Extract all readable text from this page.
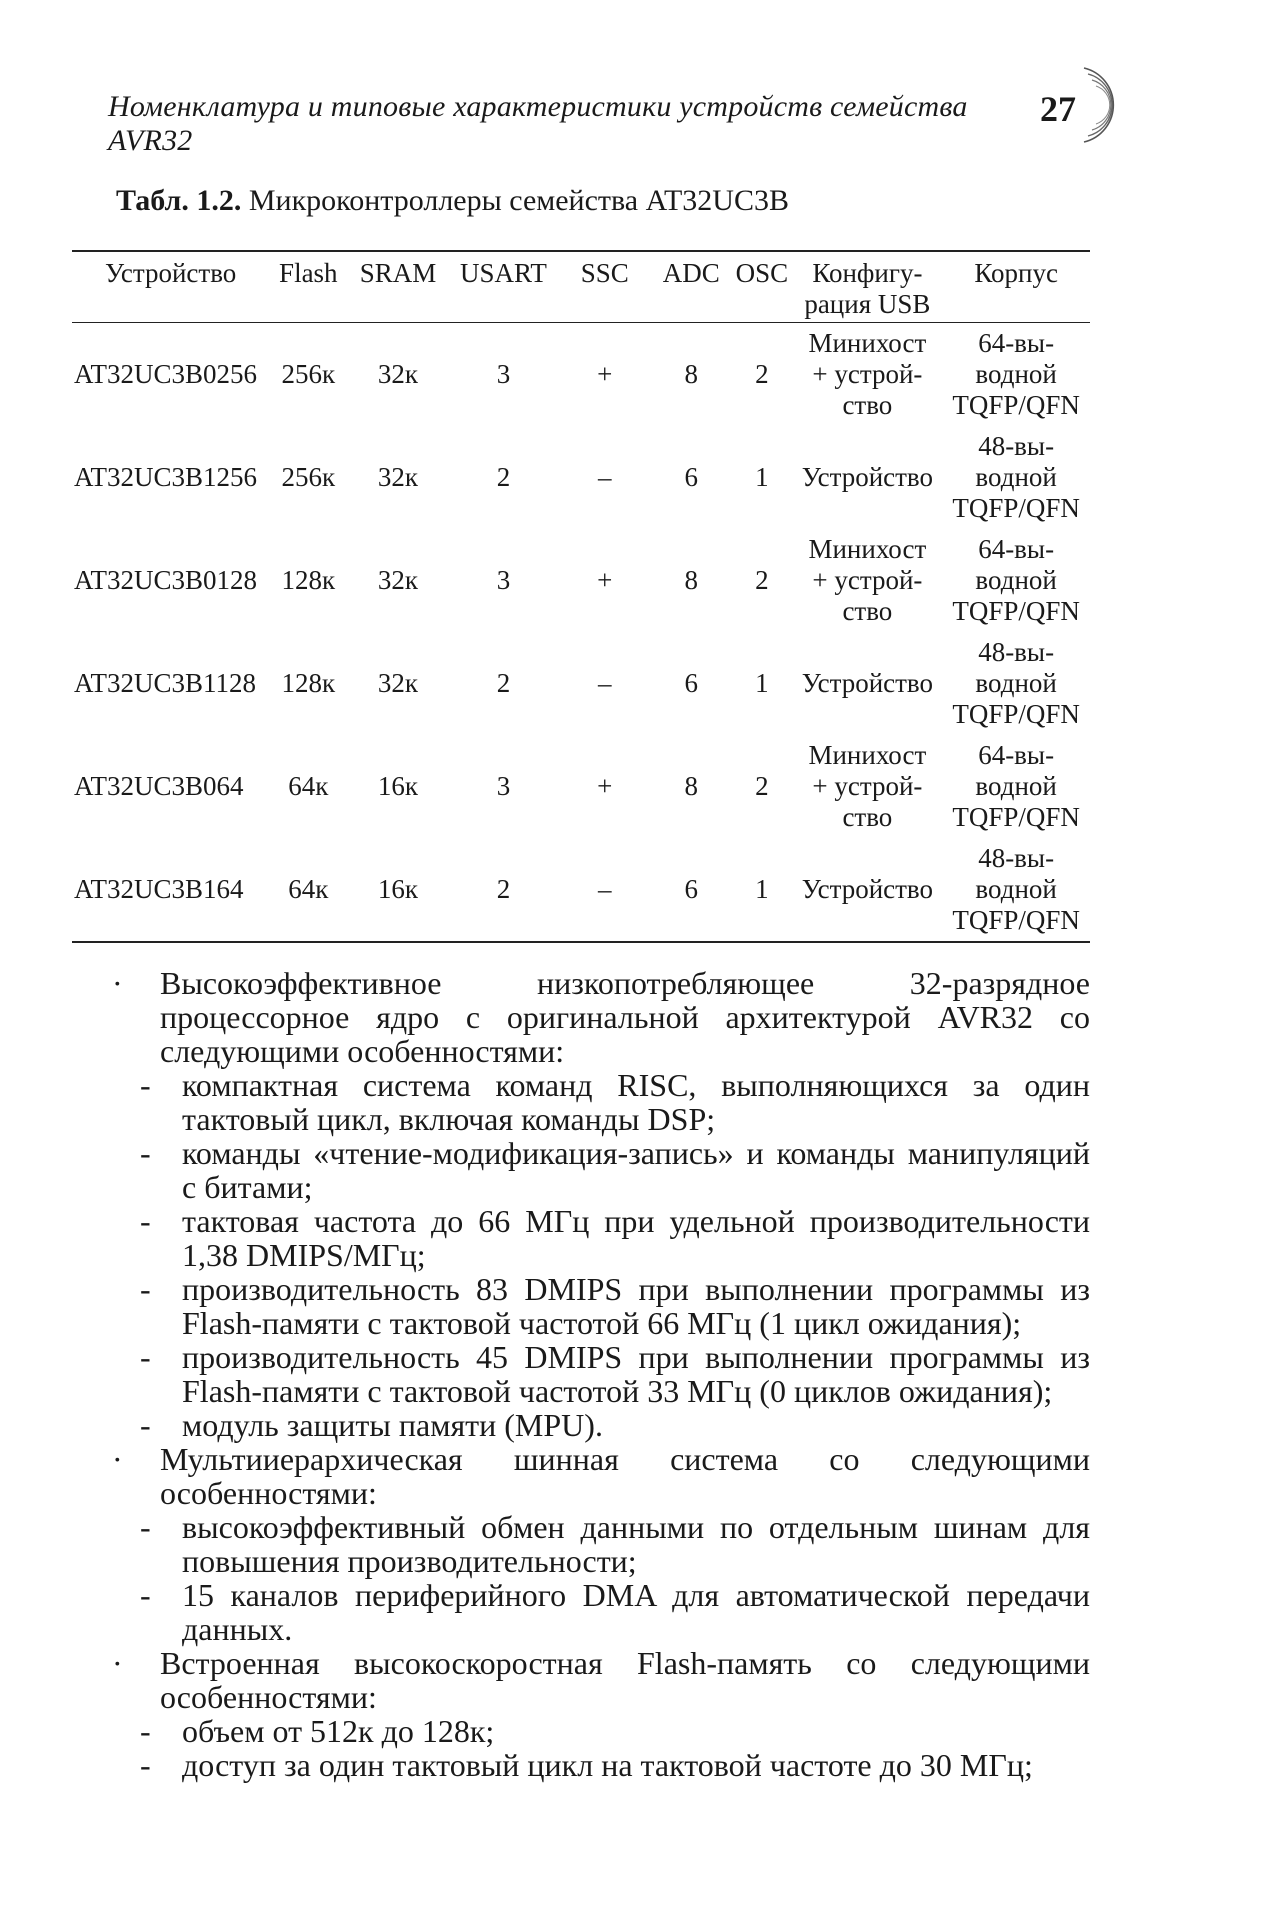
Номенклатура и типовые характеристики устройств семейства AVR32
27
Табл. 1.2. Микроконтроллеры семейства AT32UC3B
Устройство	Flash	SRAM	USART	SSC	ADC	OSC	Конфигу-
рация USB	Корпус
AT32UC3B0256	256к	32к	3	+	8	2	Минихост
+ устрой-
ство	64-вы-
водной
TQFP/QFN
AT32UC3B1256	256к	32к	2	–	6	1	Устройство	48-вы-
водной
TQFP/QFN
AT32UC3B0128	128к	32к	3	+	8	2	Минихост
+ устрой-
ство	64-вы-
водной
TQFP/QFN
AT32UC3B1128	128к	32к	2	–	6	1	Устройство	48-вы-
водной
TQFP/QFN
AT32UC3B064	64к	16к	3	+	8	2	Минихост
+ устрой-
ство	64-вы-
водной
TQFP/QFN
AT32UC3B164	64к	16к	2	–	6	1	Устройство	48-вы-
водной
TQFP/QFN
· Высокоэффективное низкопотребляющее 32-разрядное процессорное ядро с оригинальной архитектурой AVR32 со следующими особенностями:
- компактная система команд RISC, выполняющихся за один тактовый цикл, включая команды DSP;
- команды «чтение-модификация-запись» и команды манипуляций с битами;
- тактовая частота до 66 МГц при удельной производительности 1,38 DMIPS/МГц;
- производительность 83 DMIPS при выполнении программы из Flash-памяти с тактовой частотой 66 МГц (1 цикл ожидания);
- производительность 45 DMIPS при выполнении программы из Flash-памяти с тактовой частотой 33 МГц (0 циклов ожидания);
- модуль защиты памяти (MPU).
· Мультииерархическая шинная система со следующими особенностями:
- высокоэффективный обмен данными по отдельным шинам для повышения производительности;
- 15 каналов периферийного DMA для автоматической передачи данных.
· Встроенная высокоскоростная Flash-память со следующими особенностями:
- объем от 512к до 128к;
- доступ за один тактовый цикл на тактовой частоте до 30 МГц;
